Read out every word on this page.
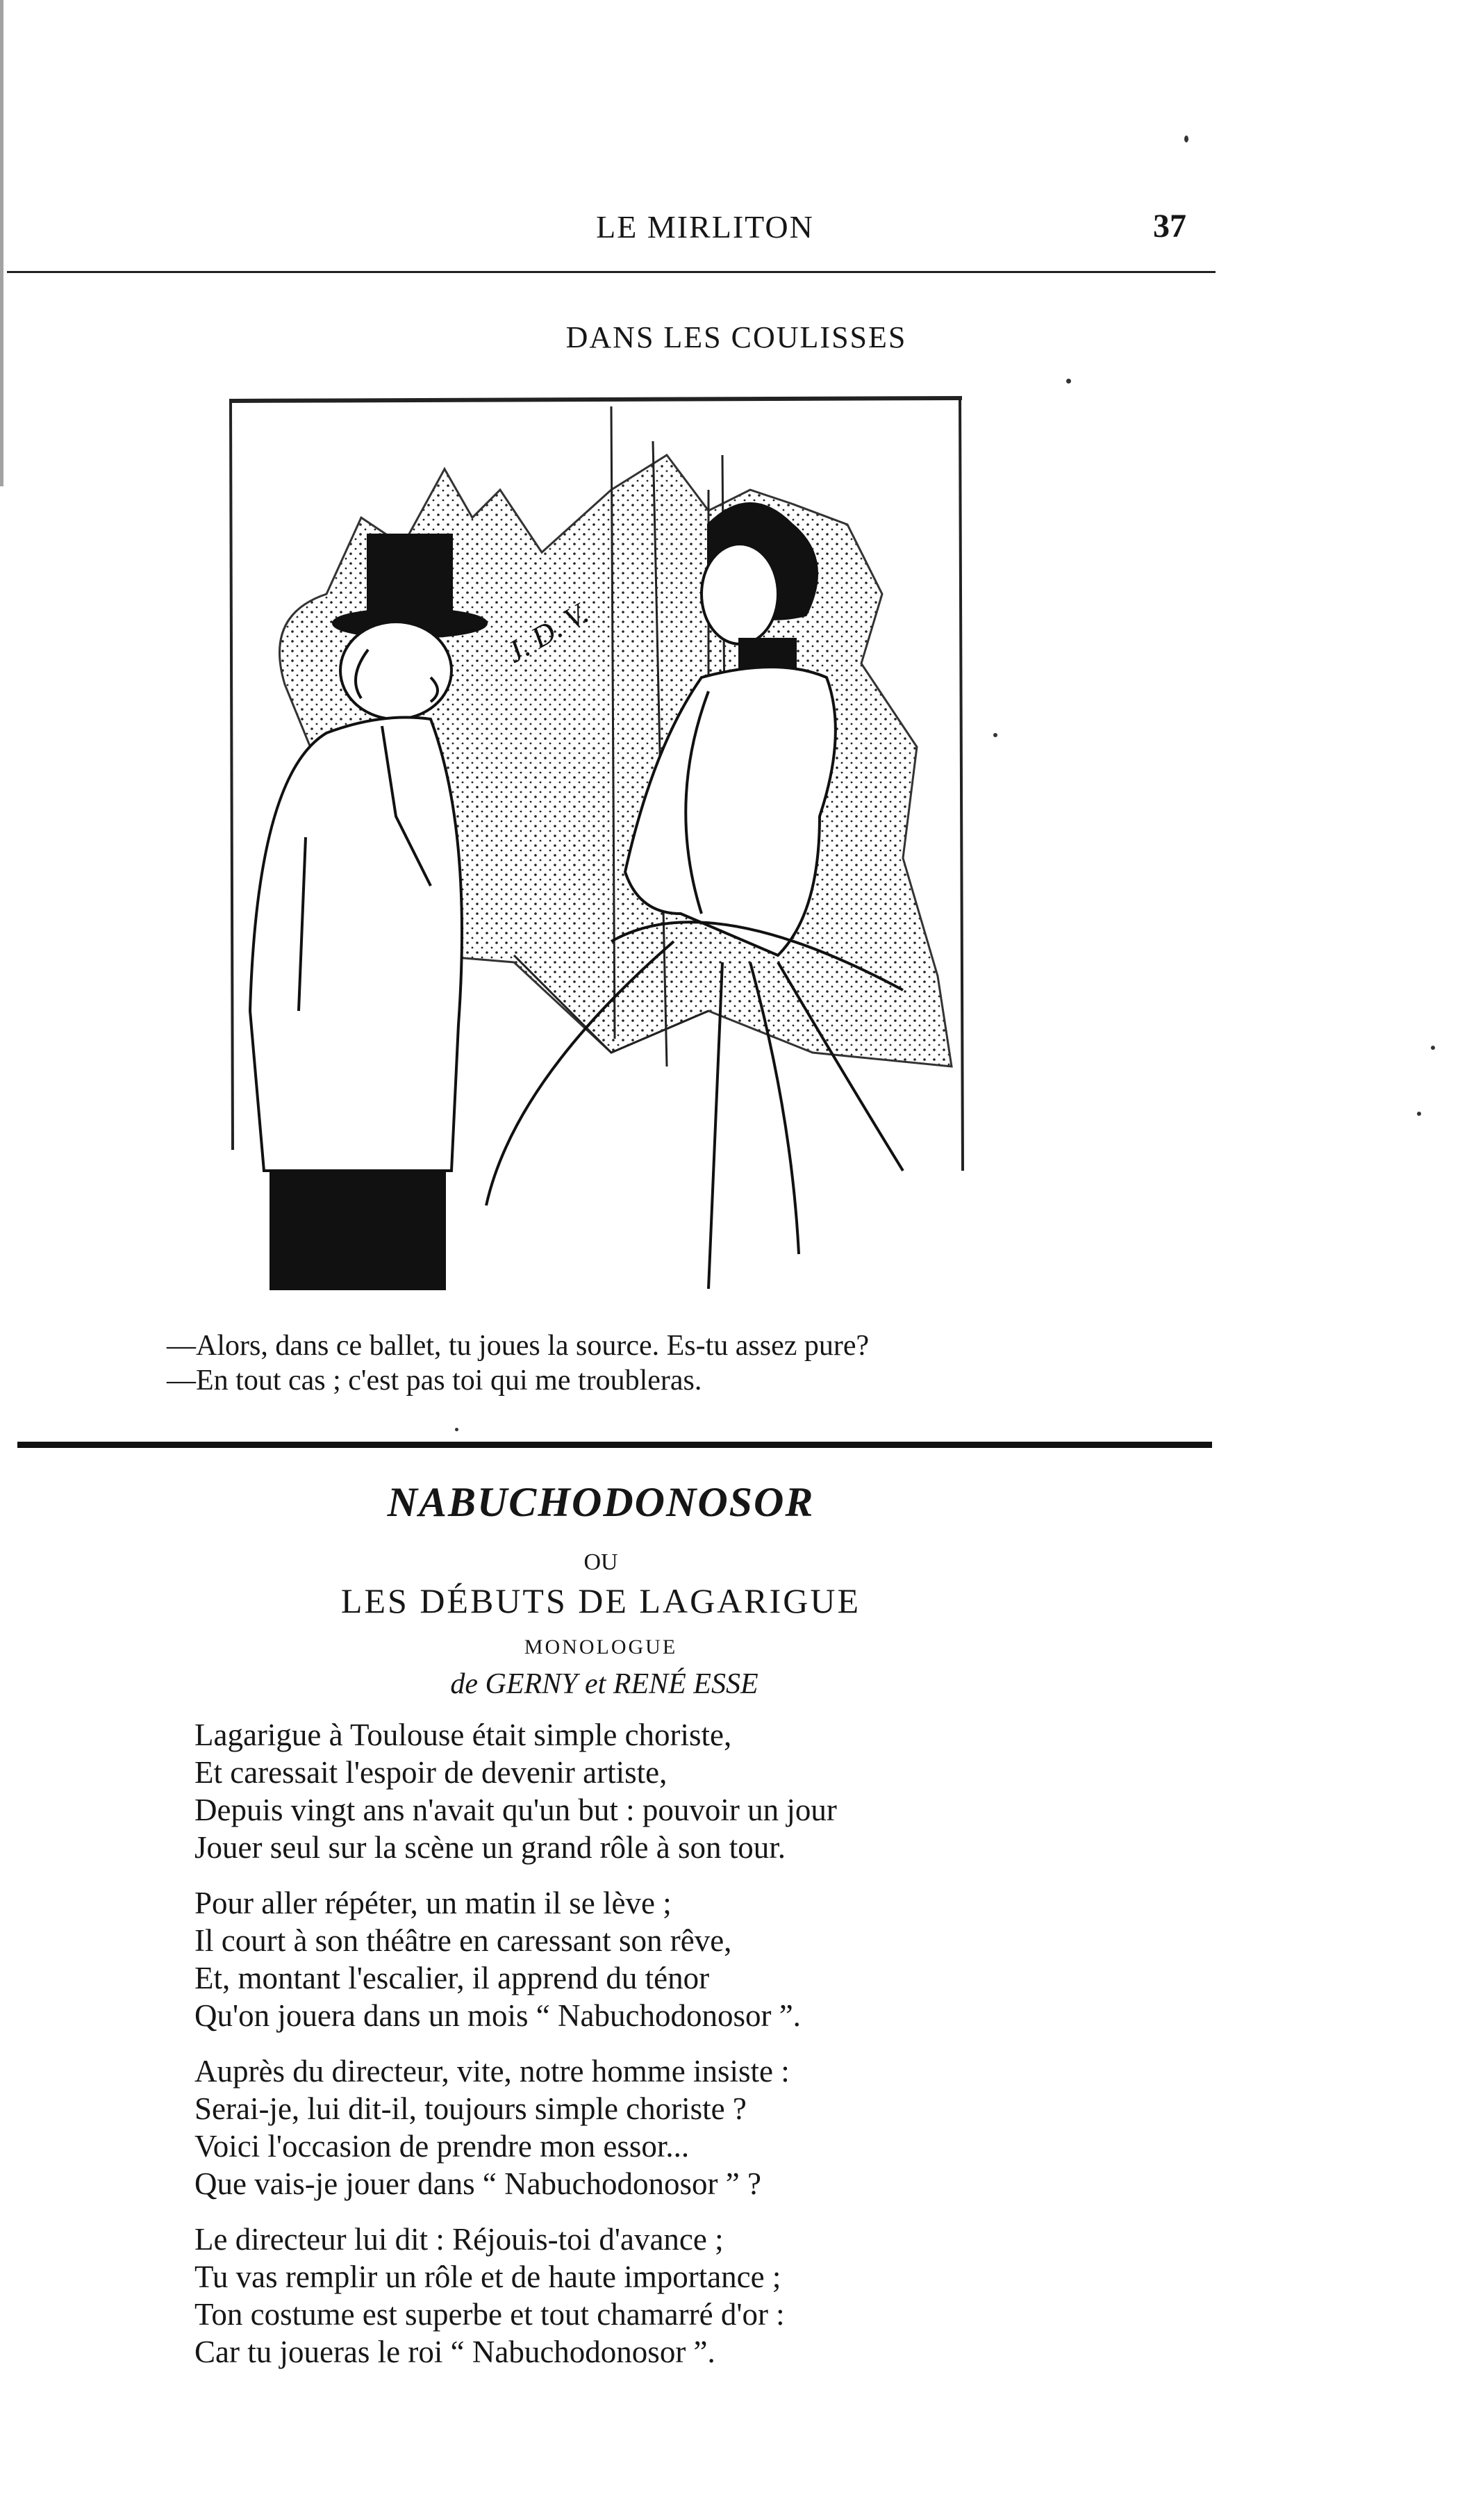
LE MIRLITON	37
DANS LES COULISSES
J. D. V.
—Alors, dans ce ballet, tu joues la source. Es-tu assez pure?
—En tout cas ; c'est pas toi qui me troubleras.
NABUCHODONOSOR
OU
LES DÉBUTS DE LAGARIGUE
MONOLOGUE
de GERNY et RENÉ ESSE
Lagarigue à Toulouse était simple choriste,
Et caressait l'espoir de devenir artiste,
Depuis vingt ans n'avait qu'un but : pouvoir un jour
Jouer seul sur la scène un grand rôle à son tour.
Pour aller répéter, un matin il se lève ;
Il court à son théâtre en caressant son rêve,
Et, montant l'escalier, il apprend du ténor
Qu'on jouera dans un mois “ Nabuchodonosor ”.
Auprès du directeur, vite, notre homme insiste :
Serai-je, lui dit-il, toujours simple choriste ?
Voici l'occasion de prendre mon essor...
Que vais-je jouer dans “ Nabuchodonosor ” ?
Le directeur lui dit : Réjouis-toi d'avance ;
Tu vas remplir un rôle et de haute importance ;
Ton costume est superbe et tout chamarré d'or :
Car tu joueras le roi “ Nabuchodonosor ”.
